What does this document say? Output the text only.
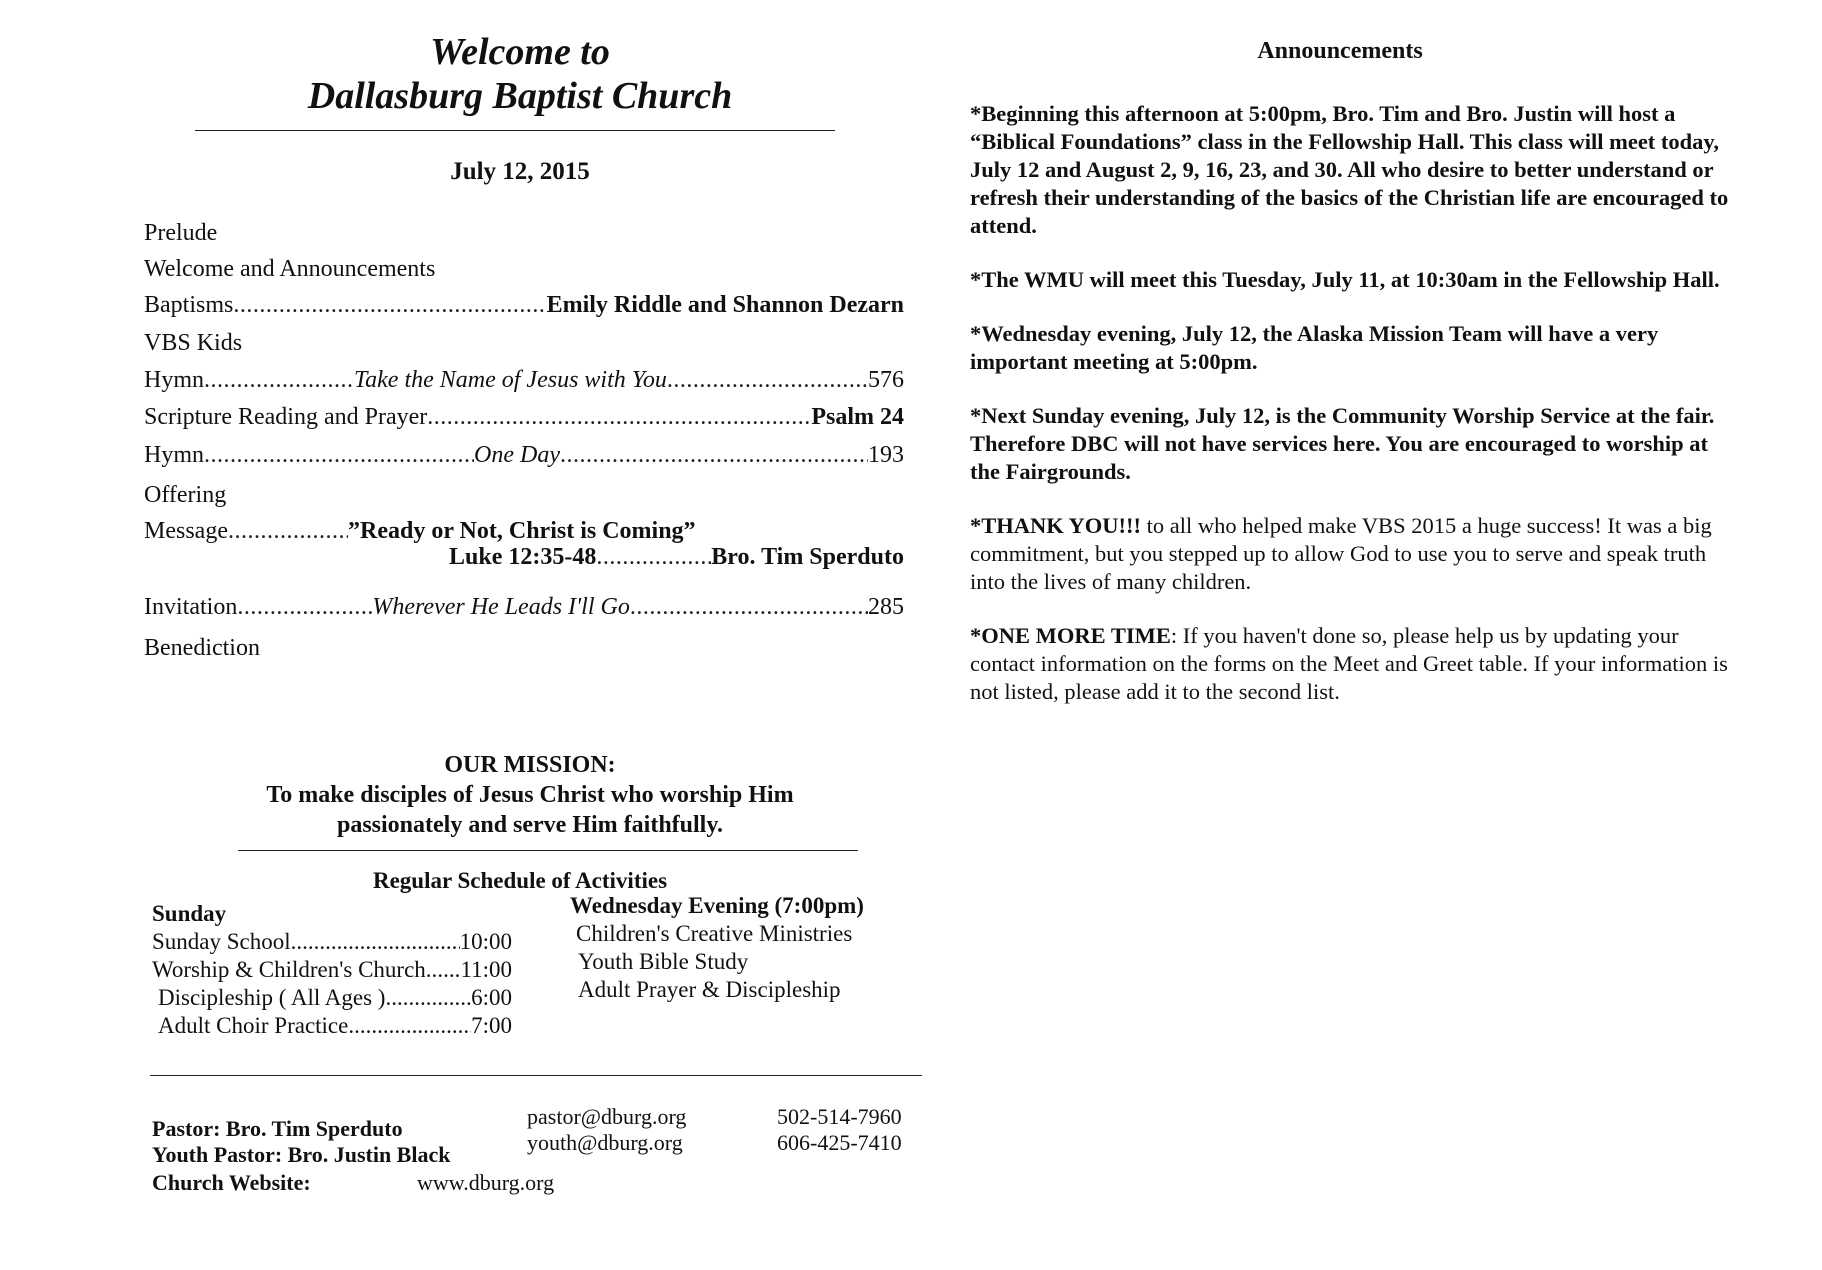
Welcome to
Dallasburg Baptist Church
July 12, 2015
Prelude
Welcome and Announcements
Baptisms .....	Emily Riddle and Shannon Dezarn
VBS Kids
Hymn .....	Take the Name of Jesus with You .....	576
Scripture Reading and Prayer .....	Psalm 24
Hymn .....	One Day .....	193
Offering
Message .....	”Ready or Not, Christ is Coming”
Luke 12:35-48 .....	Bro. Tim Sperduto
Invitation .....	Wherever He Leads I'll Go .....	285
Benediction
OUR MISSION:
To make disciples of Jesus Christ who worship Him
passionately and serve Him faithfully.
Regular Schedule of Activities
Sunday
Sunday School .....	10:00
Worship & Children's Church.. ..... 11:00
Discipleship ( All Ages ) .....	6:00
Adult Choir Practice .....	7:00
Wednesday Evening (7:00pm)
Children's Creative Ministries
Youth Bible Study
Adult Prayer & Discipleship
Pastor: Bro. Tim Sperduto	pastor@dburg.org	502-514-7960
Youth Pastor: Bro. Justin Black	youth@dburg.org	606-425-7410
Church Website:	www.dburg.org
Announcements

*Beginning this afternoon at 5:00pm, Bro. Tim and Bro. Justin will host a “Biblical Foundations” class in the Fellowship Hall. This class will meet today, July 12 and August 2, 9, 16, 23, and 30. All who desire to better understand or refresh their understanding of the basics of the Christian life are encouraged to attend.

*The WMU will meet this Tuesday, July 11, at 10:30am in the Fellowship Hall.

*Wednesday evening, July 12, the Alaska Mission Team will have a very important meeting at 5:00pm.

*Next Sunday evening, July 12, is the Community Worship Service at the fair. Therefore DBC will not have services here. You are encouraged to worship at the Fairgrounds.

*THANK YOU!!! to all who helped make VBS 2015 a huge success! It was a big commitment, but you stepped up to allow God to use you to serve and speak truth into the lives of many children.

*ONE MORE TIME: If you haven't done so, please help us by updating your contact information on the forms on the Meet and Greet table. If your information is not listed, please add it to the second list.
